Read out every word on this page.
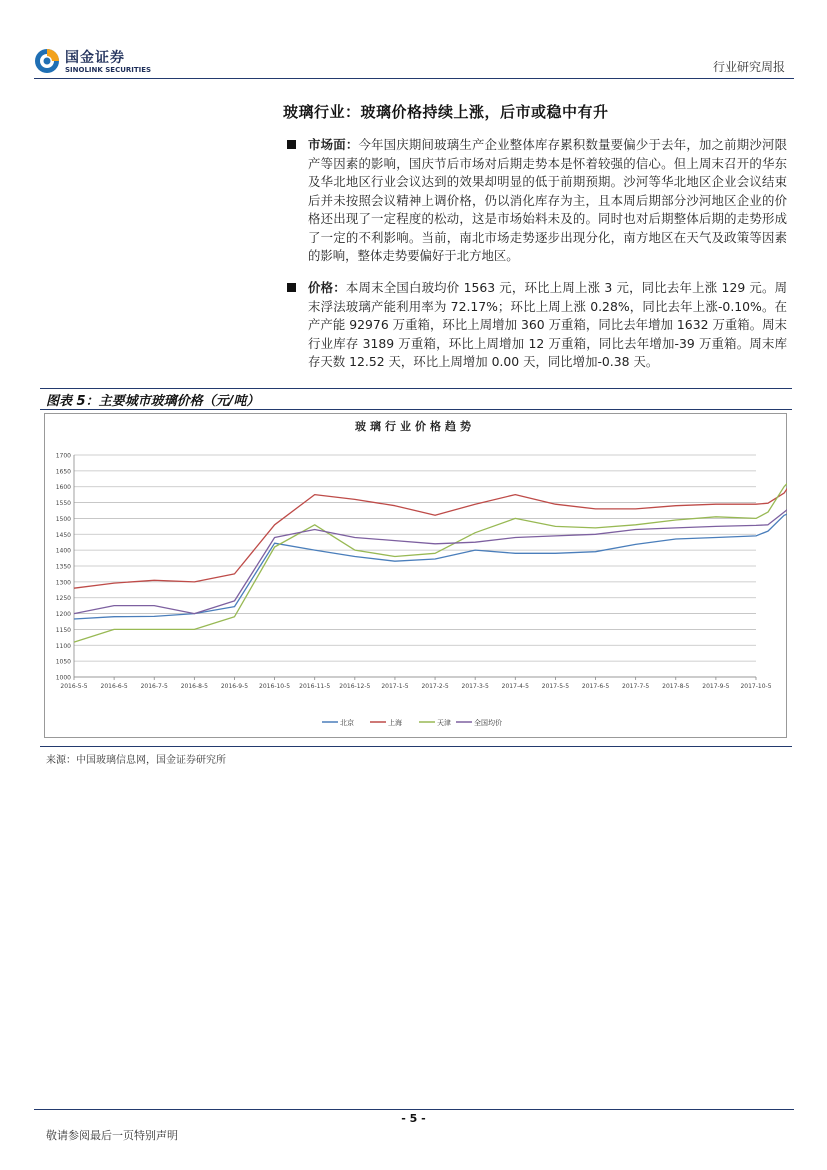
国金证券
SINOLINK SECURITIES	行业研究周报
玻璃行业：玻璃价格持续上涨，后市或稳中有升
市场面：今年国庆期间玻璃生产企业整体库存累积数量要偏少于去年，加之前期沙河限产等因素的影响，国庆节后市场对后期走势本是怀着较强的信心。但上周末召开的华东及华北地区行业会议达到的效果却明显的低于前期预期。沙河等华北地区企业会议结束后并未按照会议精神上调价格，仍以消化库存为主，且本周后期部分沙河地区企业的价格还出现了一定程度的松动，这是市场始料未及的。同时也对后期整体后期的走势形成了一定的不利影响。当前，南北市场走势逐步出现分化，南方地区在天气及政策等因素的影响，整体走势要偏好于北方地区。
价格：本周末全国白玻均价 1563 元，环比上周上涨 3 元，同比去年上涨 129 元。周末浮法玻璃产能利用率为 72.17%；环比上周上涨 0.28%，同比去年上涨-0.10%。在产产能 92976 万重箱，环比上周增加 360 万重箱，同比去年增加 1632 万重箱。周末行业库存 3189 万重箱，环比上周增加 12 万重箱，同比去年增加-39 万重箱。周末库存天数 12.52 天，环比上周增加 0.00 天，同比增加-0.38 天。
图表 5：主要城市玻璃价格（元/吨）
玻璃行业价格趋势
1000
1050
1100
1150
1200
1250
1300
1350
1400
1450
1500
1550
1600
1650
1700
2016-5-5 2016-6-5 2016-7-5 2016-8-5 2016-9-5 2016-10-5 2016-11-5 2016-12-5 2017-1-5 2017-2-5 2017-3-5 2017-4-5 2017-5-5 2017-6-5 2017-7-5 2017-8-5 2017-9-5 2017-10-5
北京	上海	天津	全国均价
来源：中国玻璃信息网，国金证券研究所
- 5 -
敬请参阅最后一页特别声明
